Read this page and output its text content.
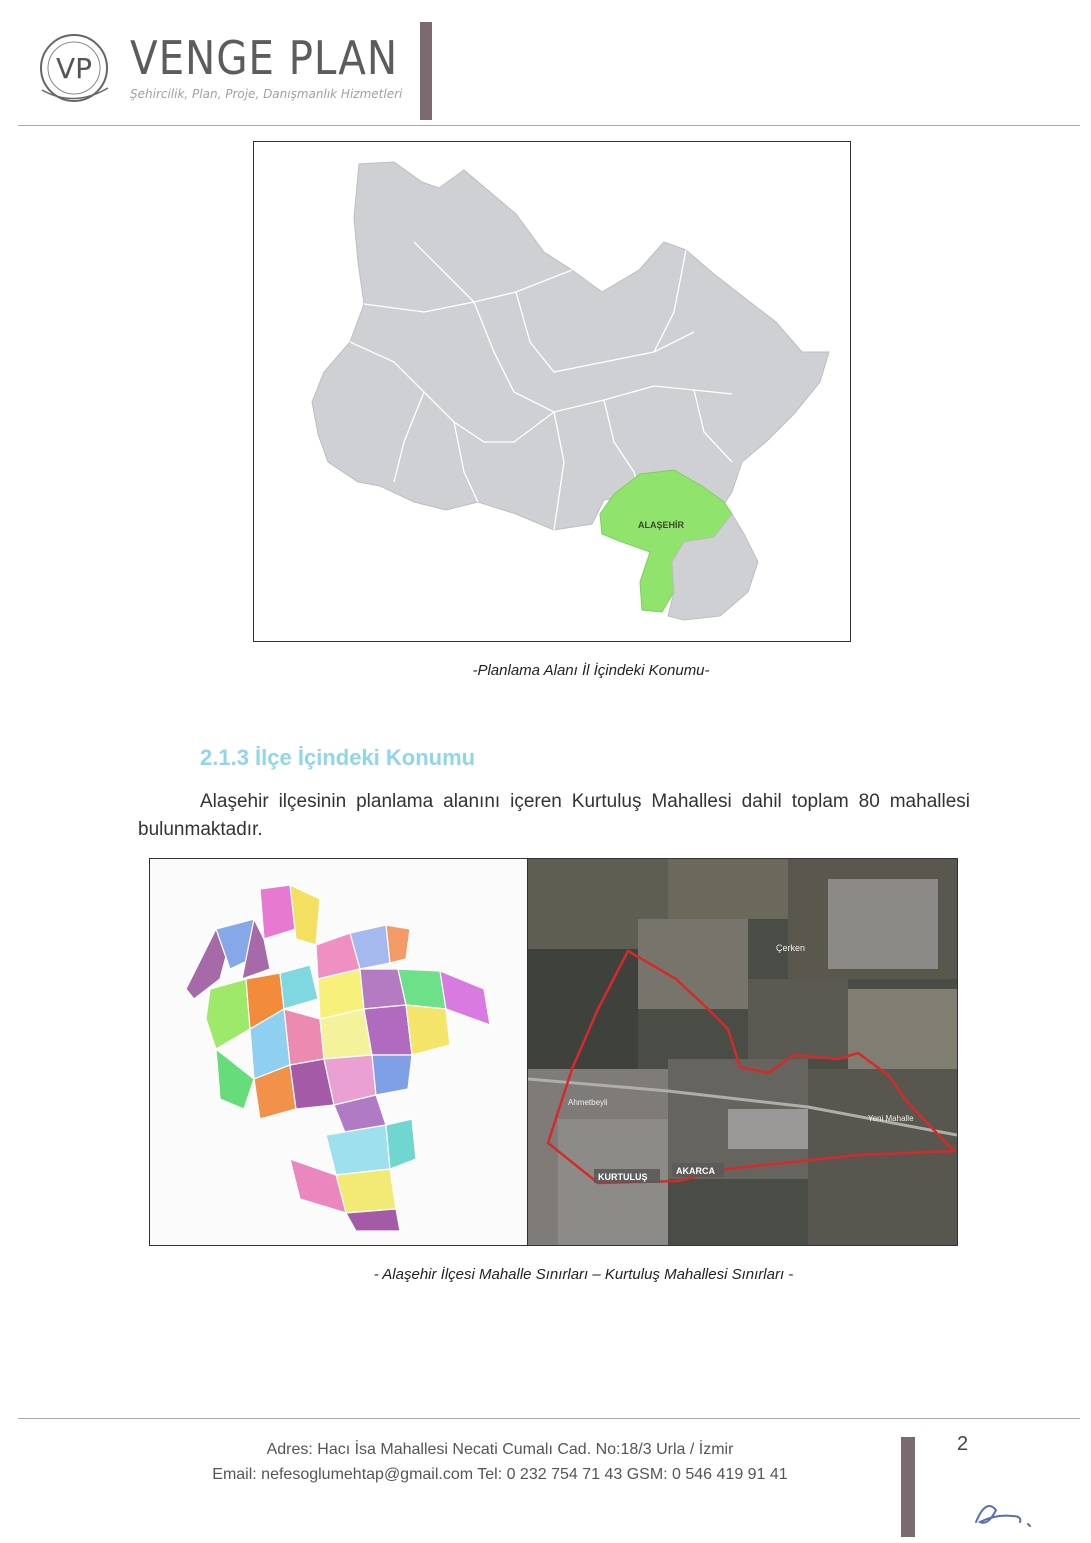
VP VENGE PLAN
Şehircilik, Plan, Proje, Danışmanlık Hizmetleri
ALAŞEHİR
-Planlama Alanı İl İçindeki Konumu-
2.1.3 İlçe İçindeki Konumu
Alaşehir ilçesinin planlama alanını içeren Kurtuluş Mahallesi dahil toplam 80 mahallesi bulunmaktadır.
Çerken
Ahmetbeyli
Yeni Mahalle
KURTULUŞ
AKARCA
- Alaşehir İlçesi Mahalle Sınırları – Kurtuluş Mahallesi Sınırları -
Adres: Hacı İsa Mahallesi Necati Cumalı Cad. No:18/3 Urla / İzmir
Email: nefesoglumehtap@gmail.com Tel: 0 232 754 71 43 GSM: 0 546 419 91 41
2
